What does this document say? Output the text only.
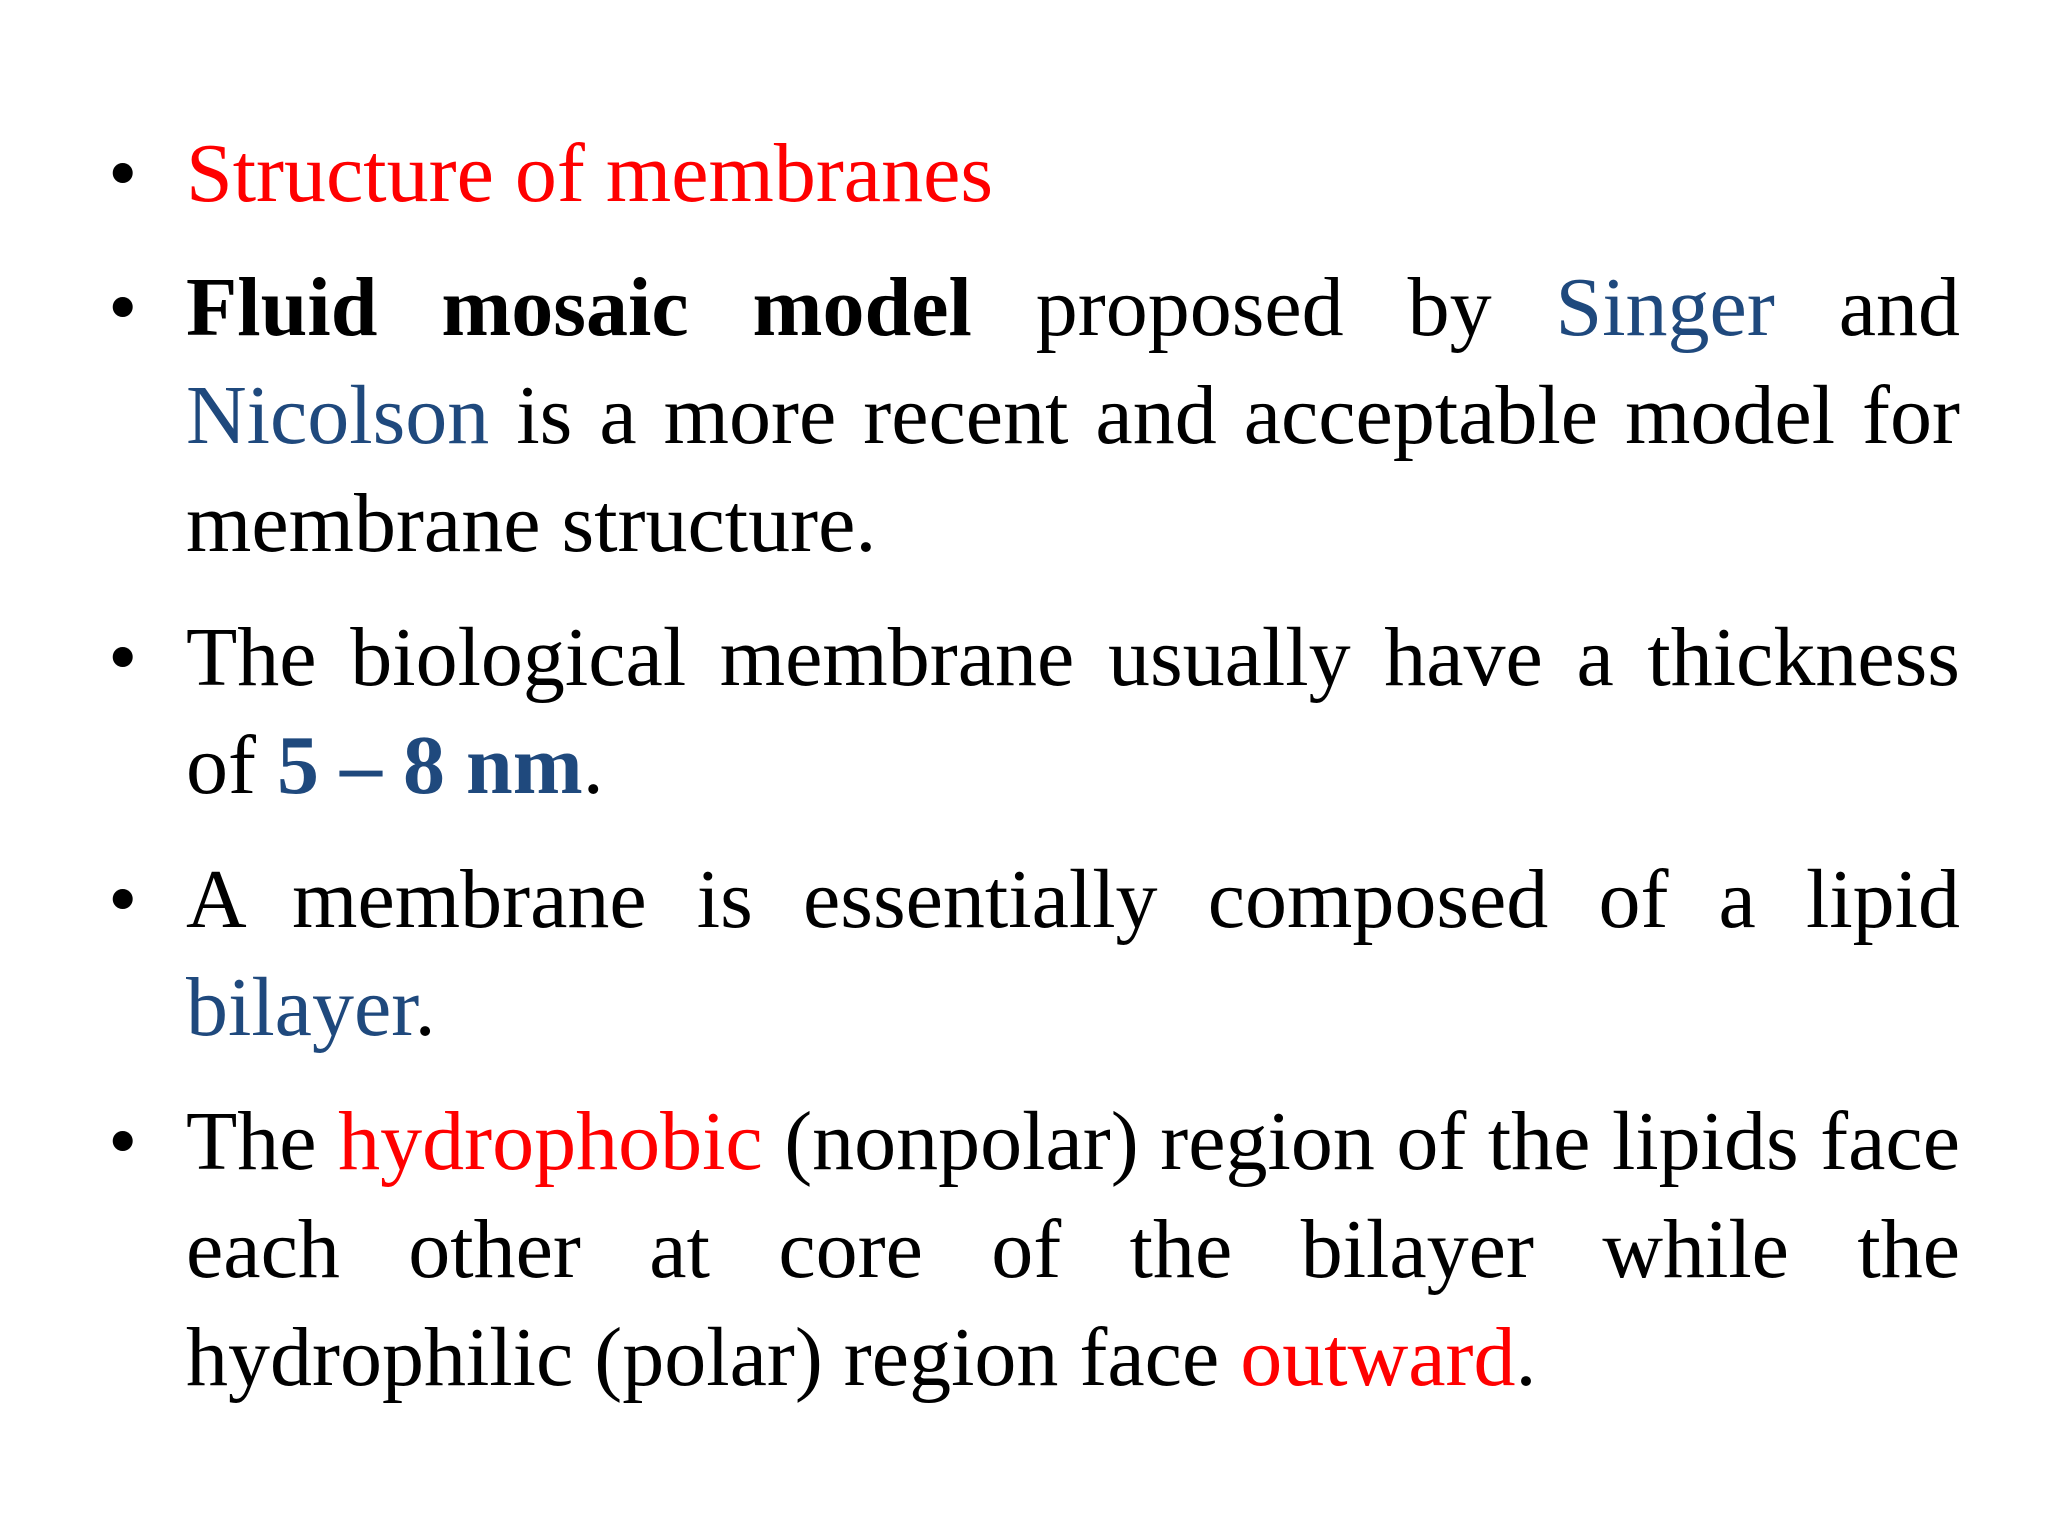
• Structure of membranes
• Fluid mosaic model proposed by Singer and Nicolson is a more recent and acceptable model for membrane structure.
• The biological membrane usually have a thickness of 5 – 8 nm.
• A membrane is essentially composed of a lipid bilayer.
• The hydrophobic (nonpolar) region of the lipids face each other at core of the bilayer while the hydrophilic (polar) region face outward.
